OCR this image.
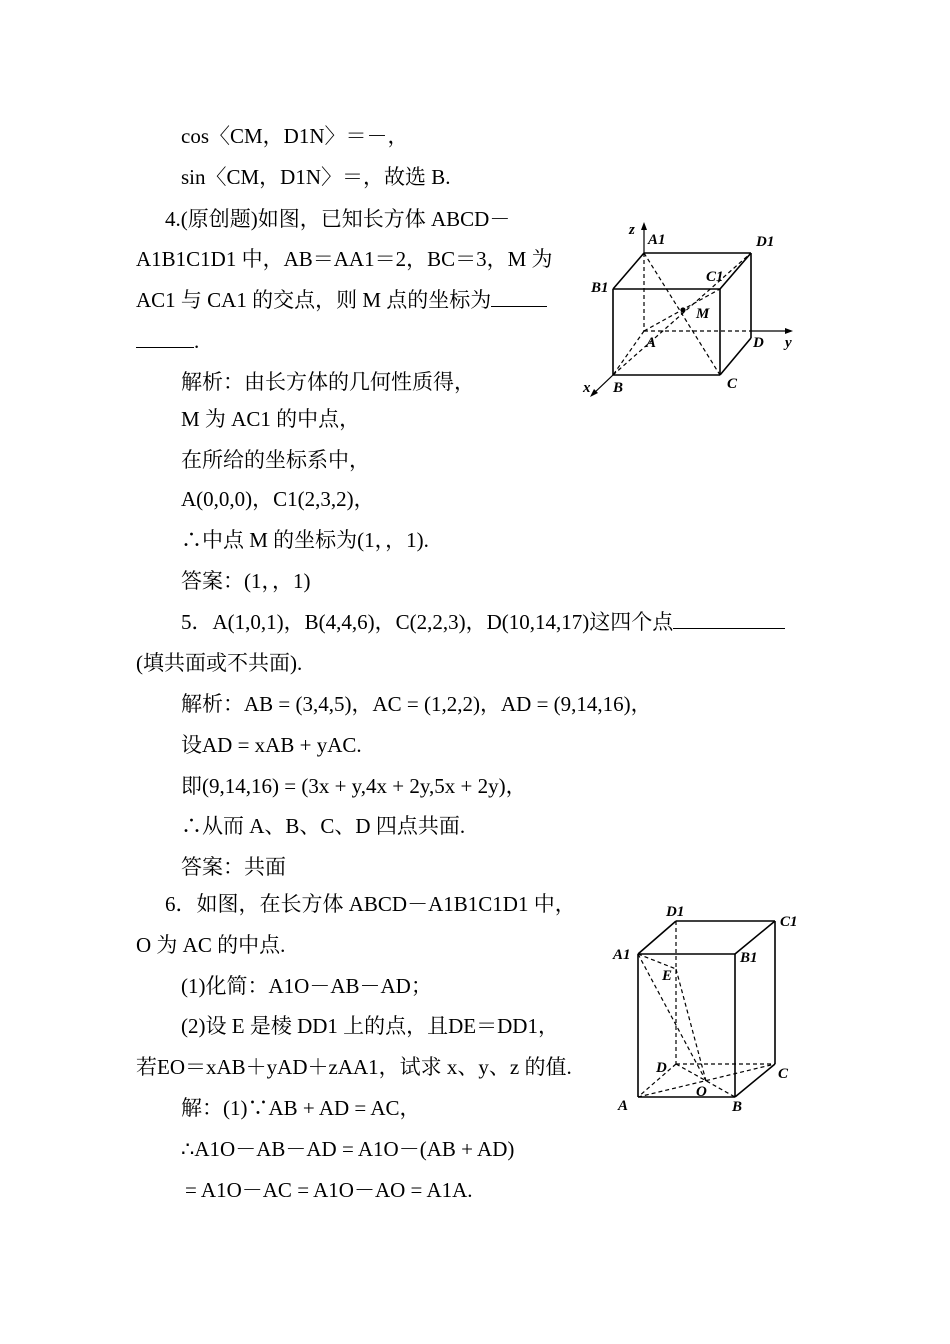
cos〈CM，D1N〉＝－，
sin〈CM，D1N〉＝，故选 B.
4.(原创题)如图，已知长方体 ABCD－
A1B1C1D1 中，AB＝AA1＝2，BC＝3，M 为
AC1 与 CA1 的交点，则 M 点的坐标为
.
解析：由长方体的几何性质得，
M 为 AC1 的中点，
在所给的坐标系中，
A(0,0,0)，C1(2,3,2)，
∴中点 M 的坐标为(1，，1).
答案：(1，，1)
5．A(1,0,1)，B(4,4,6)，C(2,2,3)，D(10,14,17)这四个点
(填共面或不共面).
解析：AB = (3,4,5)，AC = (1,2,2)，AD = (9,14,16)，
设AD = xAB + yAC.
即(9,14,16) = (3x + y,4x + 2y,5x + 2y)，
∴从而 A、B、C、D 四点共面.
答案：共面
6．如图，在长方体 ABCD－A1B1C1D1 中，
O 为 AC 的中点.
(1)化简：A1O－AB－AD；
(2)设 E 是棱 DD1 上的点，且DE＝DD1，
若EO＝xAB＋yAD＋zAA1，试求 x、y、z 的值.
解：(1)∵AB + AD = AC，
∴A1O－AB－AD = A1O－(AB + AD)
= A1O－AC = A1O－AO = A1A.
z
A1	D1
B1
C1
M
A	D y
x B	C
D1
C1
A1	B1
E
D	C
O
A	B
